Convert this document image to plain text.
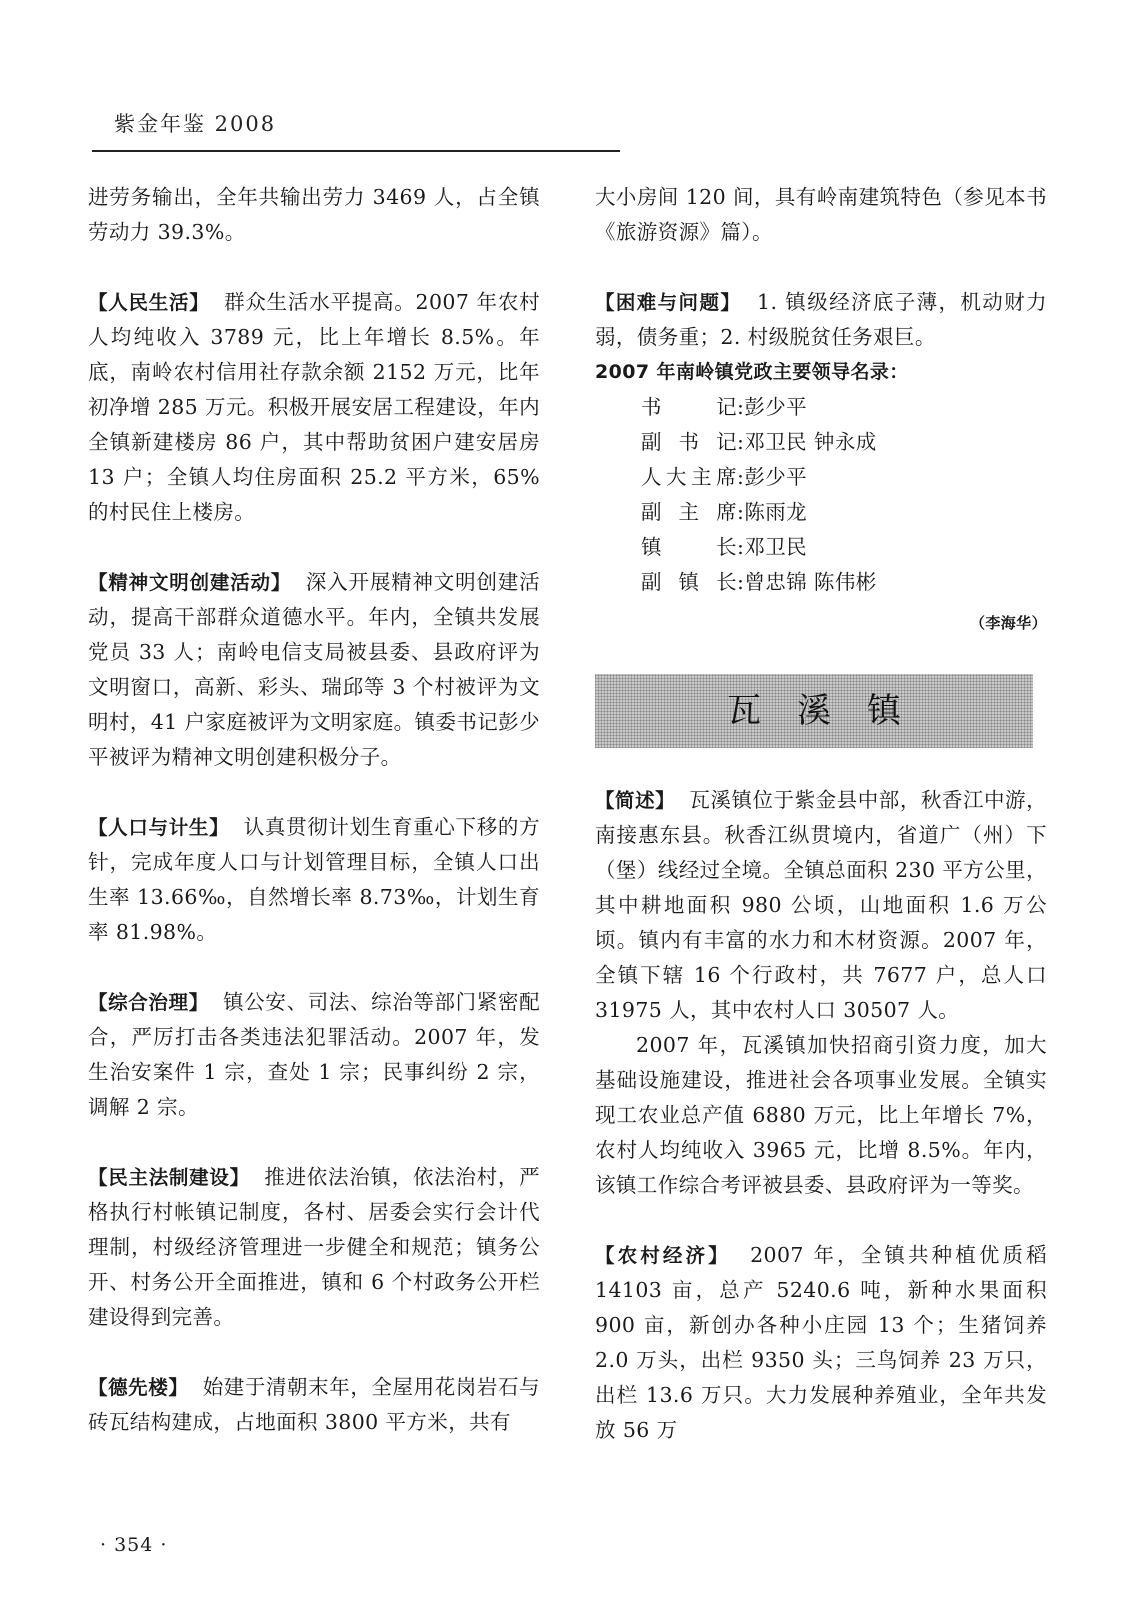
紫金年鉴 2008

进劳务输出，全年共输出劳力 3469 人，占全镇劳动力 39.3%。

【人民生活】 群众生活水平提高。2007 年农村人均纯收入 3789 元，比上年增长 8.5%。年底，南岭农村信用社存款余额 2152 万元，比年初净增 285 万元。积极开展安居工程建设，年内全镇新建楼房 86 户，其中帮助贫困户建安居房 13 户；全镇人均住房面积 25.2 平方米，65%的村民住上楼房。

【精神文明创建活动】 深入开展精神文明创建活动，提高干部群众道德水平。年内，全镇共发展党员 33 人；南岭电信支局被县委、县政府评为文明窗口，高新、彩头、瑞邱等 3 个村被评为文明村，41 户家庭被评为文明家庭。镇委书记彭少平被评为精神文明创建积极分子。

【人口与计生】 认真贯彻计划生育重心下移的方针，完成年度人口与计划管理目标，全镇人口出生率 13.66‰，自然增长率 8.73‰，计划生育率 81.98%。

【综合治理】 镇公安、司法、综治等部门紧密配合，严厉打击各类违法犯罪活动。2007 年，发生治安案件 1 宗，查处 1 宗；民事纠纷 2 宗，调解 2 宗。

【民主法制建设】 推进依法治镇，依法治村，严格执行村帐镇记制度，各村、居委会实行会计代理制，村级经济管理进一步健全和规范；镇务公开、村务公开全面推进，镇和 6 个村政务公开栏建设得到完善。

【德先楼】 始建于清朝末年，全屋用花岗岩石与砖瓦结构建成，占地面积 3800 平方米，共有

大小房间 120 间，具有岭南建筑特色（参见本书《旅游资源》篇）。

【困难与问题】 1. 镇级经济底子薄，机动财力弱，债务重；2. 村级脱贫任务艰巨。

2007 年南岭镇党政主要领导名录：

书	记 : 彭少平
副 书 记 : 邓卫民 钟永成
人 大 主 席 : 彭少平
副 主 席 : 陈雨龙
镇	长 : 邓卫民
副 镇 长 : 曾忠锦 陈伟彬
（李海华）
瓦溪镇

【简述】 瓦溪镇位于紫金县中部，秋香江中游，南接惠东县。秋香江纵贯境内，省道广（州）下（堡）线经过全境。全镇总面积 230 平方公里，其中耕地面积 980 公顷，山地面积 1.6 万公顷。镇内有丰富的水力和木材资源。2007 年，全镇下辖 16 个行政村，共 7677 户，总人口 31975 人，其中农村人口 30507 人。

2007 年，瓦溪镇加快招商引资力度，加大基础设施建设，推进社会各项事业发展。全镇实现工农业总产值 6880 万元，比上年增长 7%，农村人均纯收入 3965 元，比增 8.5%。年内，该镇工作综合考评被县委、县政府评为一等奖。

【农村经济】 2007 年，全镇共种植优质稻 14103 亩，总产 5240.6 吨，新种水果面积 900 亩，新创办各种小庄园 13 个；生猪饲养 2.0 万头，出栏 9350 头；三鸟饲养 23 万只，出栏 13.6 万只。大力发展种养殖业，全年共发放 56 万

· 354 ·
